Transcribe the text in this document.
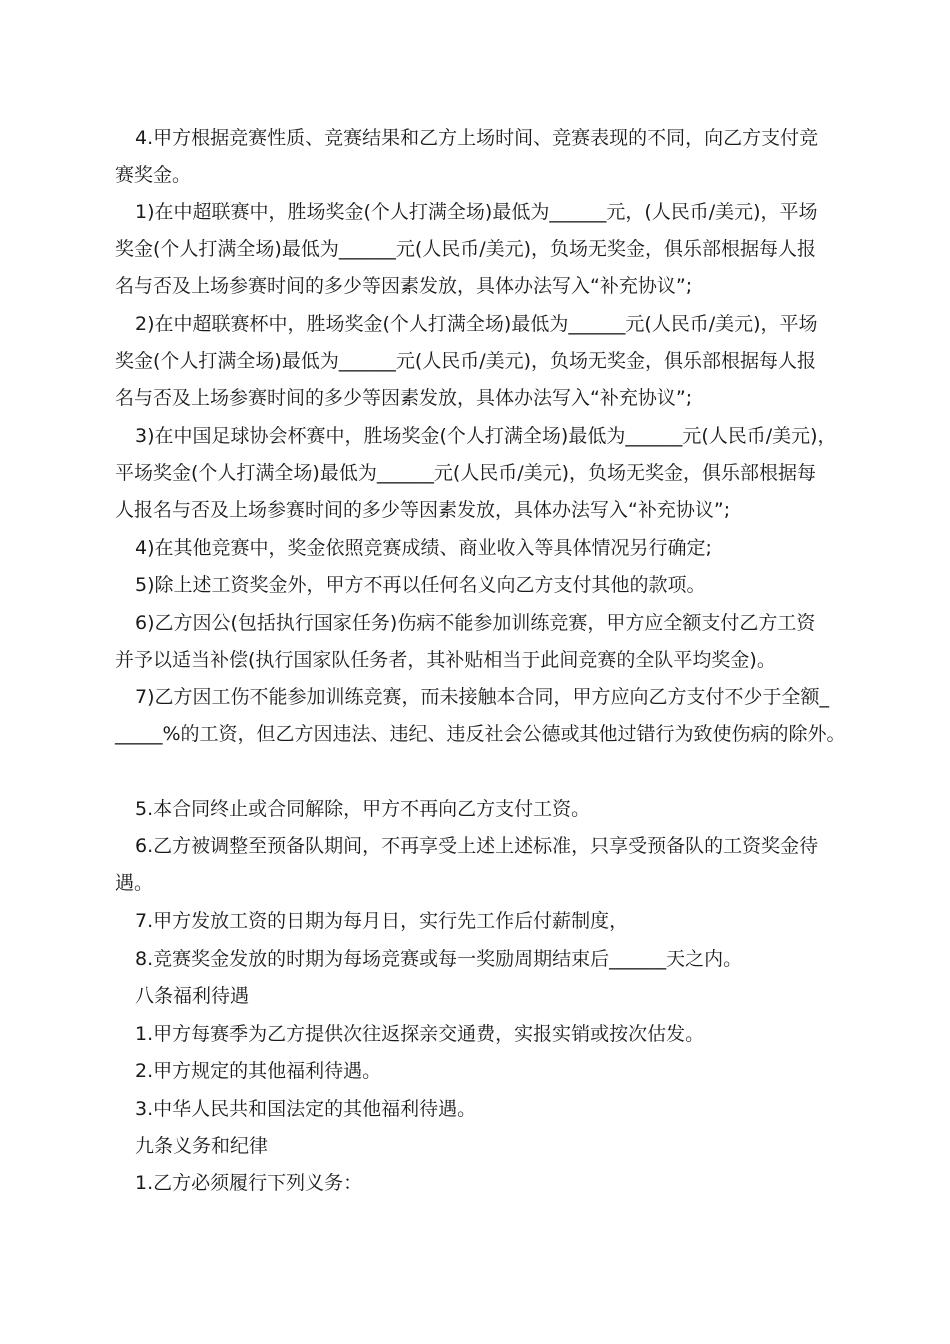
4.甲方根据竞赛性质、竞赛结果和乙方上场时间、竞赛表现的不同，向乙方支付竞

赛奖金。

1)在中超联赛中，胜场奖金(个人打满全场)最低为______元，(人民币/美元)，平场

奖金(个人打满全场)最低为______元(人民币/美元)，负场无奖金，俱乐部根据每人报

名与否及上场参赛时间的多少等因素发放，具体办法写入“补充协议”;

2)在中超联赛杯中，胜场奖金(个人打满全场)最低为______元(人民币/美元)，平场

奖金(个人打满全场)最低为______元(人民币/美元)，负场无奖金，俱乐部根据每人报

名与否及上场参赛时间的多少等因素发放，具体办法写入“补充协议”;

3)在中国足球协会杯赛中，胜场奖金(个人打满全场)最低为______元(人民币/美元)，

平场奖金(个人打满全场)最低为______元(人民币/美元)，负场无奖金，俱乐部根据每

人报名与否及上场参赛时间的多少等因素发放，具体办法写入“补充协议”;

4)在其他竞赛中，奖金依照竞赛成绩、商业收入等具体情况另行确定;

5)除上述工资奖金外，甲方不再以任何名义向乙方支付其他的款项。

6)乙方因公(包括执行国家任务)伤病不能参加训练竞赛，甲方应全额支付乙方工资

并予以适当补偿(执行国家队任务者，其补贴相当于此间竞赛的全队平均奖金)。

7)乙方因工伤不能参加训练竞赛，而未接触本合同，甲方应向乙方支付不少于全额_

_____%的工资，但乙方因违法、违纪、违反社会公德或其他过错行为致使伤病的除外。

5.本合同终止或合同解除，甲方不再向乙方支付工资。

6.乙方被调整至预备队期间，不再享受上述上述标准，只享受预备队的工资奖金待

遇。

7.甲方发放工资的日期为每月日，实行先工作后付薪制度，

8.竞赛奖金发放的时期为每场竞赛或每一奖励周期结束后______天之内。

八条福利待遇

1.甲方每赛季为乙方提供次往返探亲交通费，实报实销或按次估发。

2.甲方规定的其他福利待遇。

3.中华人民共和国法定的其他福利待遇。

九条义务和纪律

1.乙方必须履行下列义务：
